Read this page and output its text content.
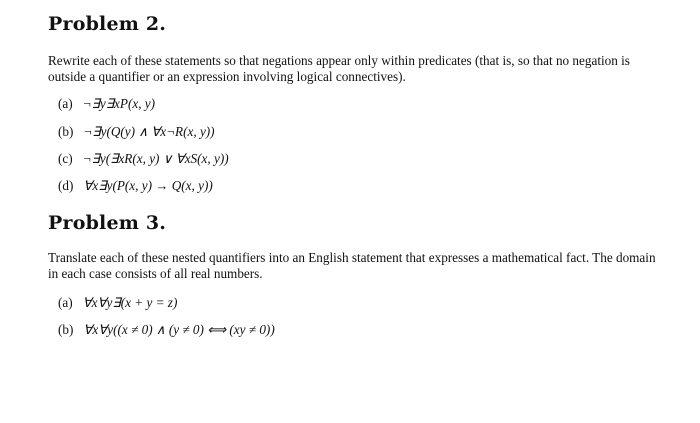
Problem 2.

Rewrite each of these statements so that negations appear only within predicates (that is, so that no negation is outside a quantifier or an expression involving logical connectives).

(a) ¬∃y∃xP(x, y)
(b) ¬∃y(Q(y) ∧ ∀x¬R(x, y))
(c) ¬∃y(∃xR(x, y) ∨ ∀xS(x, y))
(d) ∀x∃y(P(x, y) → Q(x, y))
Problem 3.

Translate each of these nested quantifiers into an English statement that expresses a mathematical fact. The domain in each case consists of all real numbers.

(a) ∀x∀y∃(x + y = z)
(b) ∀x∀y((x ≠ 0) ∧ (y ≠ 0) ⟺ (xy ≠ 0))
